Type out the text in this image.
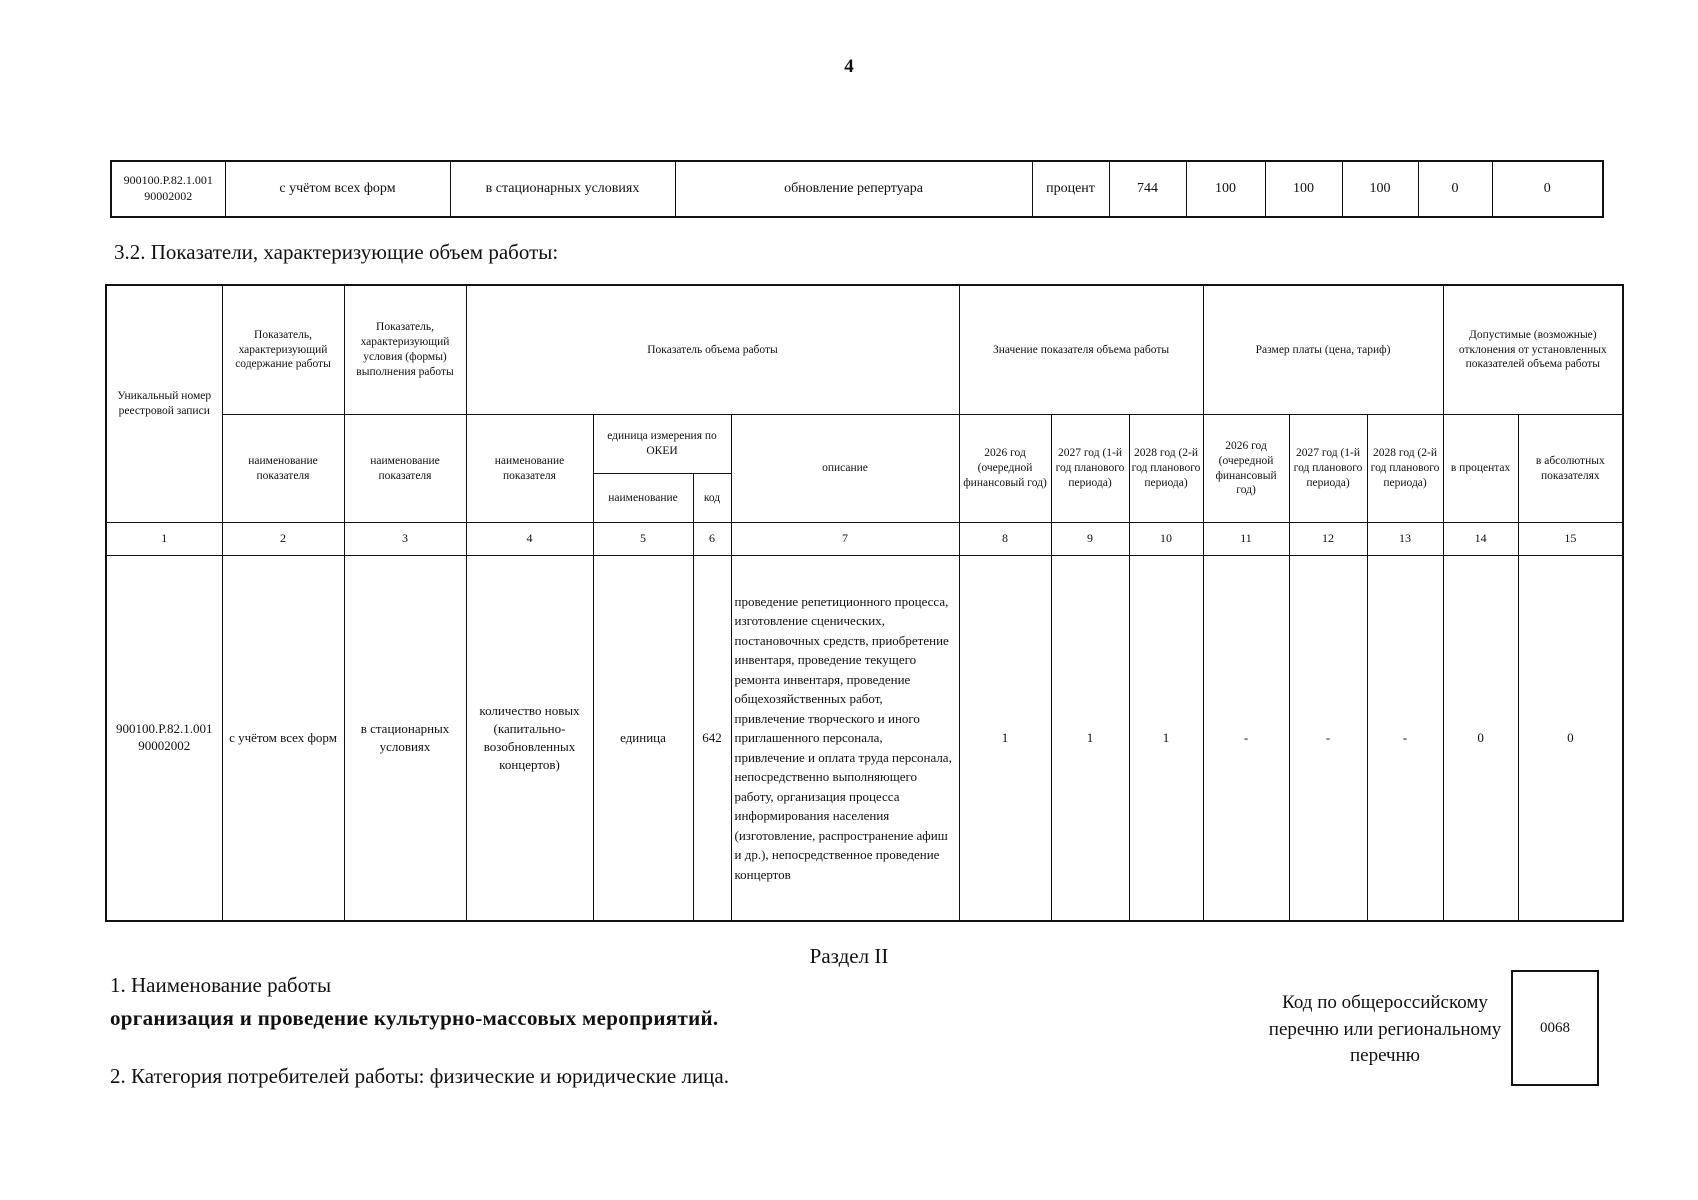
4
900100.Р.82.1.001 90002002	с учётом всех форм	в стационарных условиях	обновление репертуара	процент	744	100	100	100	0	0
3.2. Показатели, характеризующие объем работы:
Уникальный номер реестровой записи	Показатель, характеризующий содержание работы	Показатель, характеризующий условия (формы) выполнения работы	Показатель объема работы				Значение показателя объема работы			Размер платы (цена, тариф)			Допустимые (возможные) отклонения от установленных показателей объема работы	
	наименование показателя	наименование показателя	наименование показателя	единица измерения по ОКЕИ		описание	2026 год (очередной финансовый год)	2027 год (1-й год планового периода)	2028 год (2-й год планового периода)	2026 год (очередной финансовый год)	2027 год (1-й год планового периода)	2028 год (2-й год планового периода)	в процентах	в абсолютных показателях
				наименование	код									
1	2	3	4	5	6	7	8	9	10	11	12	13	14	15
900100.Р.82.1.001 90002002	с учётом всех форм	в стационарных условиях	количество новых (капитально-возобновленных концертов)	единица	642	проведение репетиционного процесса, изготовление сценических, постановочных средств, приобретение инвентаря, проведение текущего ремонта инвентаря, проведение общехозяйственных работ, привлечение творческого и иного приглашенного персонала, привлечение и оплата труда персонала, непосредственно выполняющего работу, организация процесса информирования населения (изготовление, распространение афиш и др.), непосредственное проведение концертов	1	1	1	-	-	-	0	0
Раздел II
1. Наименование работы
организация и проведение культурно-массовых мероприятий.
2. Категория потребителей работы: физические и юридические лица.
Код по общероссийскому перечню или региональному перечню
0068
